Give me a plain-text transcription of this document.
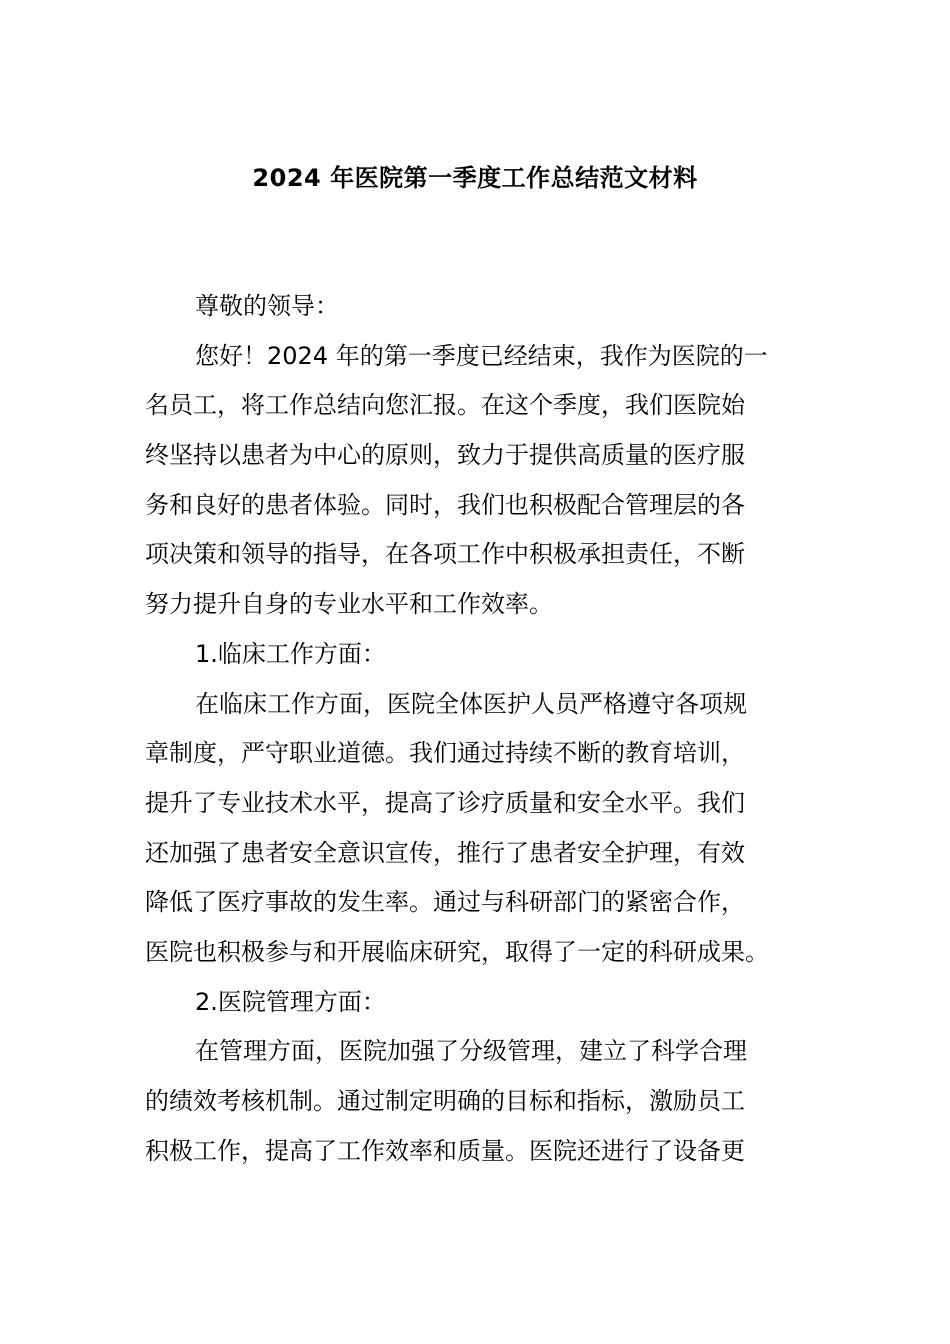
2024 年医院第一季度工作总结范文材料
尊敬的领导：
您好！2024 年的第一季度已经结束，我作为医院的一
名员工，将工作总结向您汇报。在这个季度，我们医院始
终坚持以患者为中心的原则，致力于提供高质量的医疗服
务和良好的患者体验。同时，我们也积极配合管理层的各
项决策和领导的指导，在各项工作中积极承担责任，不断
努力提升自身的专业水平和工作效率。
1.临床工作方面：
在临床工作方面，医院全体医护人员严格遵守各项规
章制度，严守职业道德。我们通过持续不断的教育培训，
提升了专业技术水平，提高了诊疗质量和安全水平。我们
还加强了患者安全意识宣传，推行了患者安全护理，有效
降低了医疗事故的发生率。通过与科研部门的紧密合作，
医院也积极参与和开展临床研究，取得了一定的科研成果。
2.医院管理方面：
在管理方面，医院加强了分级管理，建立了科学合理
的绩效考核机制。通过制定明确的目标和指标，激励员工
积极工作，提高了工作效率和质量。医院还进行了设备更
